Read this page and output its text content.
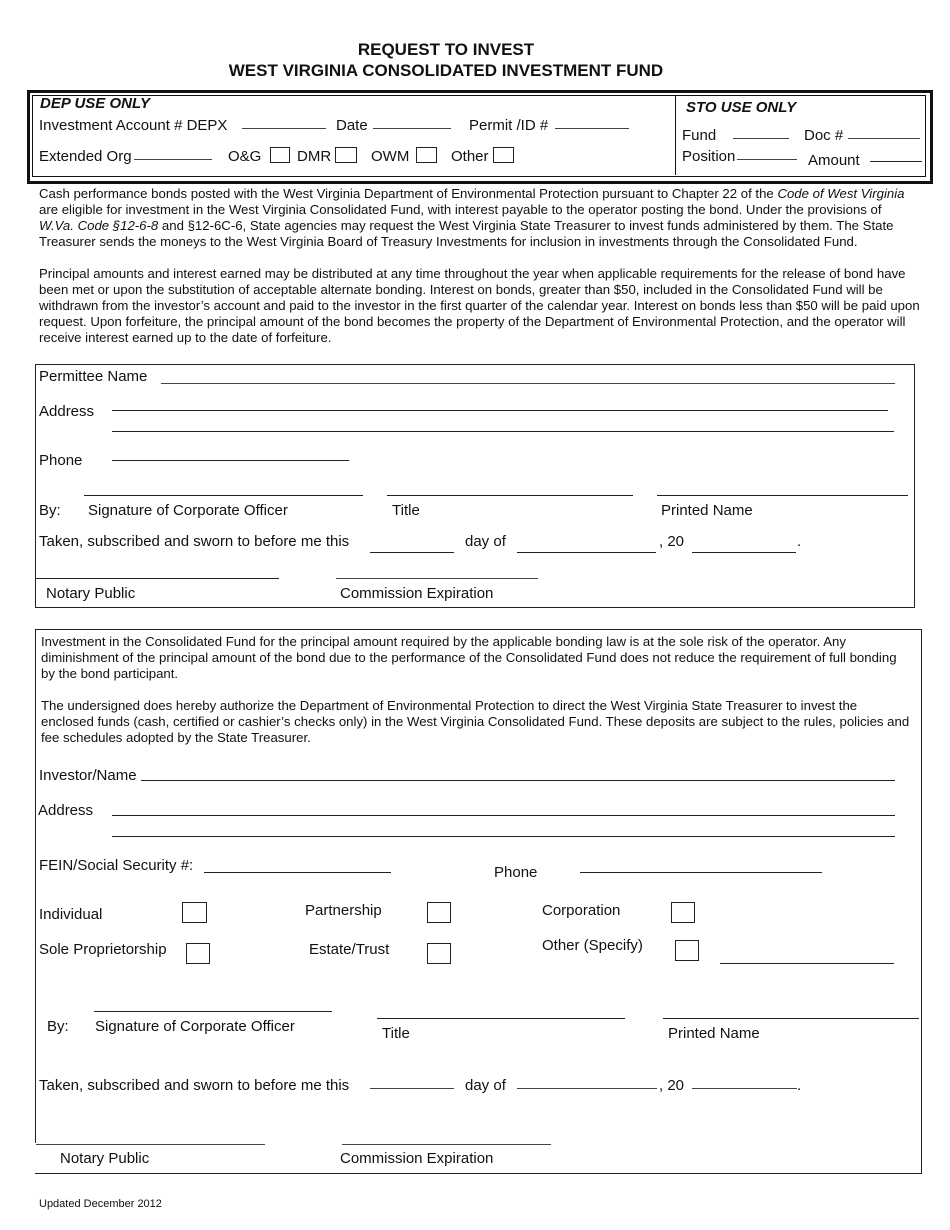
REQUEST TO INVEST
WEST VIRGINIA CONSOLIDATED INVESTMENT FUND
DEP USE ONLY
Investment Account # DEPX	Date	Permit /ID #
Extended Org	O&G DMR	OWM	Other
STO USE ONLY
Fund	Doc #
Position	Amount
Cash performance bonds posted with the West Virginia Department of Environmental Protection pursuant to Chapter 22 of the Code of West Virginia are eligible for investment in the West Virginia Consolidated Fund, with interest payable to the operator posting the bond. Under the provisions of W.Va. Code §12-6-8 and §12-6C-6, State agencies may request the West Virginia State Treasurer to invest funds administered by them. The State Treasurer sends the moneys to the West Virginia Board of Treasury Investments for inclusion in investments through the Consolidated Fund.
Principal amounts and interest earned may be distributed at any time throughout the year when applicable requirements for the release of bond have been met or upon the substitution of acceptable alternate bonding. Interest on bonds, greater than $50, included in the Consolidated Fund will be withdrawn from the investor’s account and paid to the investor in the first quarter of the calendar year. Interest on bonds less than $50 will be paid upon request. Upon forfeiture, the principal amount of the bond becomes the property of the Department of Environmental Protection, and the operator will receive interest earned up to the date of forfeiture.
Permittee Name
Address
Phone
By: Signature of Corporate Officer	Title	Printed Name
Taken, subscribed and sworn to before me this	day of	, 20	.
Notary Public	Commission Expiration
Investment in the Consolidated Fund for the principal amount required by the applicable bonding law is at the sole risk of the operator. Any diminishment of the principal amount of the bond due to the performance of the Consolidated Fund does not reduce the requirement of full bonding by the bond participant.
The undersigned does hereby authorize the Department of Environmental Protection to direct the West Virginia State Treasurer to invest the enclosed funds (cash, certified or cashier’s checks only) in the West Virginia Consolidated Fund. These deposits are subject to the rules, policies and fee schedules adopted by the State Treasurer.
Investor/Name
Address
FEIN/Social Security #:	Phone
Individual	Partnership	Corporation
Sole Proprietorship	Estate/Trust	Other (Specify)
By: Signature of Corporate Officer	Title	Printed Name
Taken, subscribed and sworn to before me this	day of	, 20	.
Notary Public	Commission Expiration
Updated December 2012
